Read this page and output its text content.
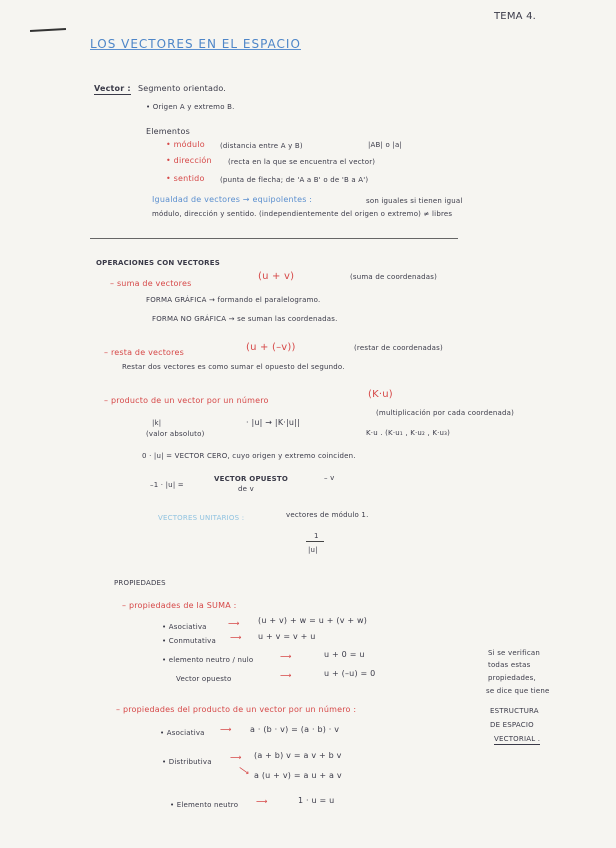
TEMA 4.
LOS VECTORES EN EL ESPACIO
Vector : Segmento orientado.
• Origen A y extremo B.
Elementos
• módulo (distancia entre A y B)	|AB| o |a|
• dirección (recta en la que se encuentra el vector)
• sentido (punta de flecha; de 'A a B' o de 'B a A')
Igualdad de vectores → equipolentes :	son iguales si tienen igual
módulo, dirección y sentido. (independientemente del origen o extremo) ≠ libres
OPERACIONES CON VECTORES
– suma de vectores
(u + v)	(suma de coordenadas)
FORMA GRÁFICA → formando el paralelogramo.
FORMA NO GRÁFICA → se suman las coordenadas.
– resta de vectores	(u + (–v))	(restar de coordenadas)
Restar dos vectores es como sumar el opuesto del segundo.
– producto de un vector por un número
(K·u)
|k|
(valor absoluto)
· |u| → |K·|u||
(multiplicación por cada coordenada)
K·u . (K·u₁ , K·u₂ , K·u₃)
0 · |u| = VECTOR CERO, cuyo origen y extremo coinciden.
–1 · |u| =
VECTOR OPUESTO
de v
– v
VECTORES UNITARIOS :	vectores de módulo 1.
1
|u|
PROPIEDADES
– propiedades de la SUMA :
• Asociativa	⟶ (u + v) + w = u + (v + w)
• Conmutativa ⟶ u + v = v + u
• elemento neutro / nulo	⟶	u + 0 = u
Vector opuesto	⟶	u + (–u) = 0
– propiedades del producto de un vector por un número :
• Asociativa ⟶ a · (b · v) = (a · b) · v
• Distributiva ⟶ (a + b) v = a v + b v
⟶ a (u + v) = a u + a v
• Elemento neutro ⟶	1 · u = u
Si se verifican
todas estas
propiedades,
se dice que tiene
ESTRUCTURA
DE ESPACIO
VECTORIAL .
